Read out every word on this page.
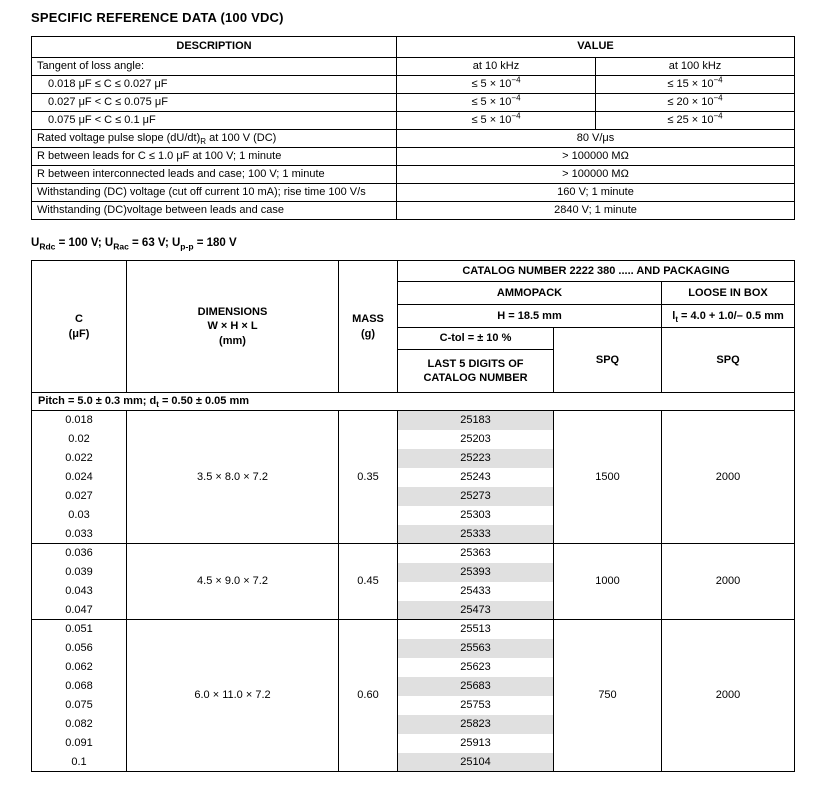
SPECIFIC REFERENCE DATA (100 VDC)
DESCRIPTION	VALUE	
Tangent of loss angle:	at 10 kHz	at 100 kHz
0.018 μF ≤ C ≤ 0.027 μF	≤ $5 \times 10^{-4}$	≤ $15 \times 10^{-4}$
0.027 μF < C ≤ 0.075 μF	≤ $5 \times 10^{-4}$	≤ $20 \times 10^{-4}$
0.075 μF < C ≤ 0.1 μF	≤ $5 \times 10^{-4}$	≤ $25 \times 10^{-4}$
Rated voltage pulse slope $(dU/dt)_R$ at 100 V (DC)	80 V/μs	
R between leads for C ≤ 1.0 μF at 100 V; 1 minute	> 100000 MΩ	
R between interconnected leads and case; 100 V; 1 minute	> 100000 MΩ	
Withstanding (DC) voltage (cut off current 10 mA); rise time 100 V/s	160 V; 1 minute	
Withstanding (DC)voltage between leads and case	2840 V; 1 minute	

$U_{Rdc} = 100$ V; $U_{Rac} = 63$ V; $U_{p-p} = 180$ V

C
(μF)

DIMENSIONS
W × H × L
(mm)

MASS
(g)
	CATALOG NUMBER 2222 380 ..... AND PACKAGING
			AMMOPACK		LOOSE IN BOX
			H = 18.5 mm		$l_t = 4.0 + 1.0/-$ 0.5 mm
			C-tol = ± 10 %	SPQ	SPQ

			LAST 5 DIGITS OF
CATALOG NUMBER		

Pitch = 5.0 ± 0.3 mm; $d_t = 0.50 \pm 0.05$ mm					
0.018	3.5 × 8.0 × 7.2	0.35	25183	1500	2000
0.02			25203		
0.022			25223		
0.024			25243		
0.027			25273		
0.03			25303		
0.033			25333		
0.036	4.5 × 9.0 × 7.2	0.45	25363	1000	2000
0.039			25393		
0.043			25433		
0.047			25473		
0.051	6.0 × 11.0 × 7.2	0.60	25513	750	2000
0.056			25563		
0.062			25623		
0.068			25683		
0.075			25753		
0.082			25823		
0.091			25913		
0.1			25104		
